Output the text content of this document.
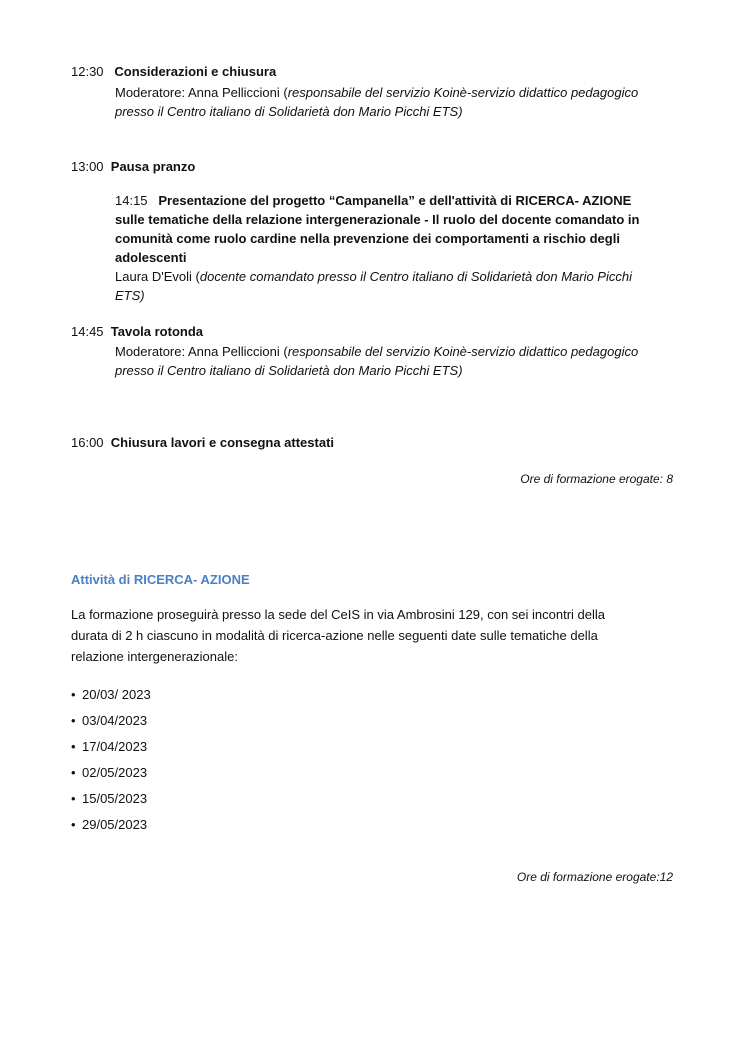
12:30 Considerazioni e chiusura
Moderatore: Anna Pelliccioni (responsabile del servizio Koinè-servizio didattico pedagogico
presso il Centro italiano di Solidarietà don Mario Picchi ETS)
13:00 Pausa pranzo
14:15 Presentazione del progetto “Campanella” e dell'attività di RICERCA- AZIONE
sulle tematiche della relazione intergenerazionale - Il ruolo del docente comandato in
comunità come ruolo cardine nella prevenzione dei comportamenti a rischio degli
adolescenti
Laura D'Evoli (docente comandato presso il Centro italiano di Solidarietà don Mario Picchi
ETS)
14:45 Tavola rotonda
Moderatore: Anna Pelliccioni (responsabile del servizio Koinè-servizio didattico pedagogico
presso il Centro italiano di Solidarietà don Mario Picchi ETS)
16:00 Chiusura lavori e consegna attestati
Ore di formazione erogate: 8
Attività di RICERCA- AZIONE
La formazione proseguirà presso la sede del CeIS in via Ambrosini 129, con sei incontri della
durata di 2 h ciascuno in modalità di ricerca-azione nelle seguenti date sulle tematiche della
relazione intergenerazionale:
• 20/03/ 2023
• 03/04/2023
• 17/04/2023
• 02/05/2023
• 15/05/2023
• 29/05/2023
Ore di formazione erogate:12
